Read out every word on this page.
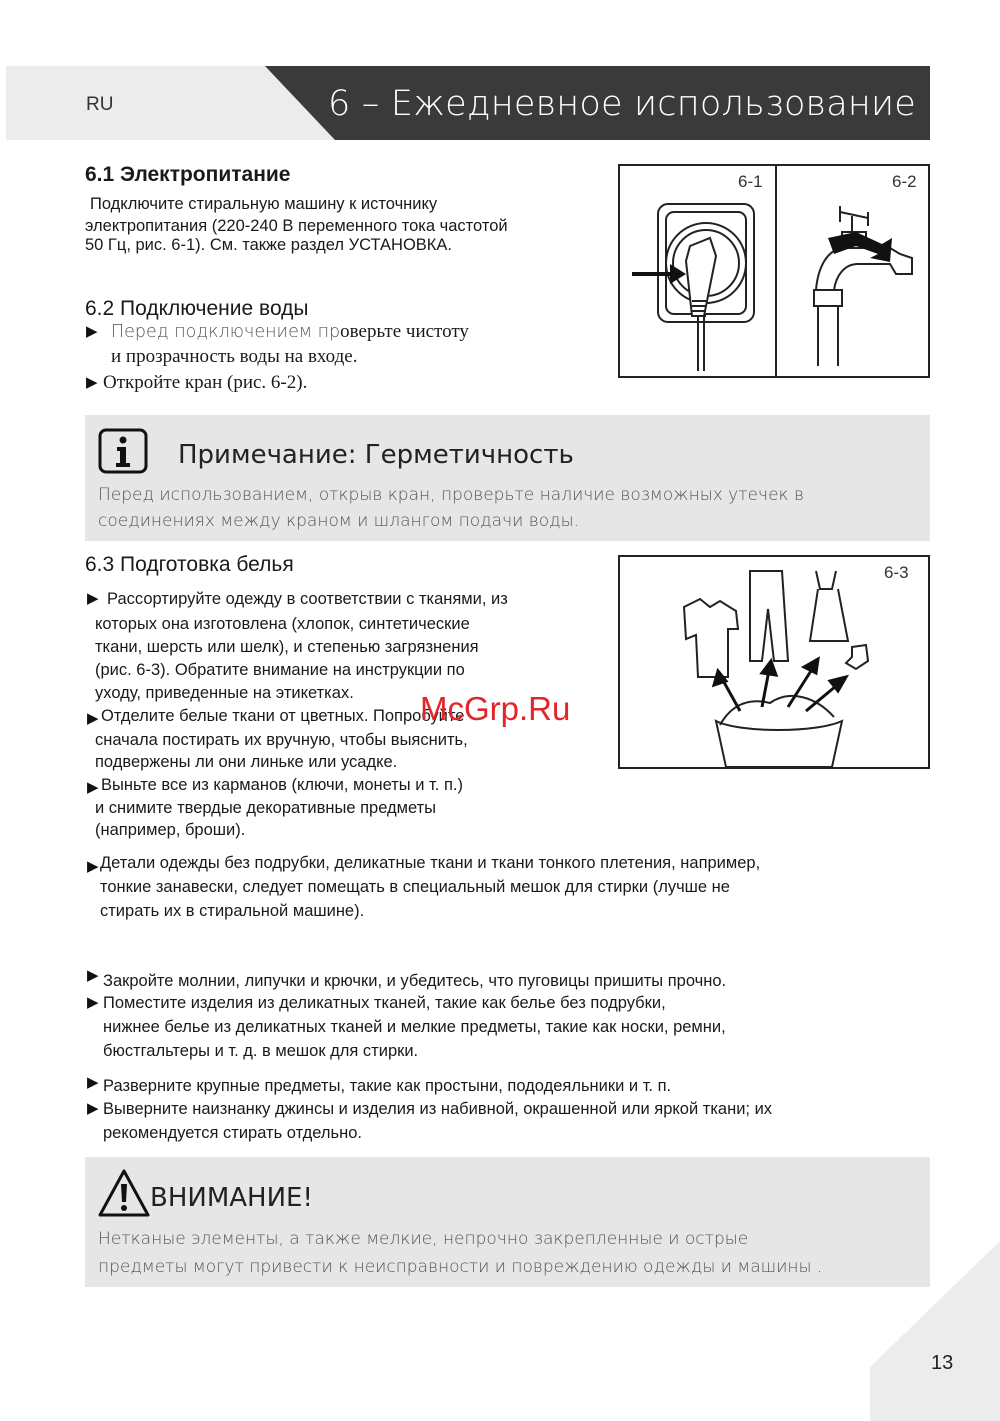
RU	6 – Ежедневное использование
6.1 Электропитание
Подключите стиральную машину к источнику
электропитания (220-240 В переменного тока частотой
50 Гц, рис. 6-1). См. также раздел УСТАНОВКА.
6.2 Подключение воды
▶ Перед подключением проверьте чистоту
и прозрачность воды на входе.
▶ Откройте кран (рис. 6-2).
6-1	6-2
Примечание: Герметичность
Перед использованием, открыв кран, проверьте наличие возможных утечек в
соединениях между краном и шлангом подачи воды.
6.3 Подготовка белья
▶ Рассортируйте одежду в соответствии с тканями, из
которых она изготовлена (хлопок, синтетические
ткани, шерсть или шелк), и степенью загрязнения
(рис. 6-3). Обратите внимание на инструкции по
уходу, приведенные на этикетках.
▶ Отделите белые ткани от цветных. Попробуйте
сначала постирать их вручную, чтобы выяснить,
подвержены ли они линьке или усадке.
▶ Выньте все из карманов (ключи, монеты и т. п.)
и снимите твердые декоративные предметы
(например, броши).
6-3
McGrp.Ru
▶ Детали одежды без подрубки, деликатные ткани и ткани тонкого плетения, например,
тонкие занавески, следует помещать в специальный мешок для стирки (лучше не
стирать их в стиральной машине).
▶ Закройте молнии, липучки и крючки, и убедитесь, что пуговицы пришиты прочно.
▶ Поместите изделия из деликатных тканей, такие как белье без подрубки,
нижнее белье из деликатных тканей и мелкие предметы, такие как носки, ремни,
бюстгальтеры и т. д. в мешок для стирки.
▶ Разверните крупные предметы, такие как простыни, пододеяльники и т. п.
▶ Выверните наизнанку джинсы и изделия из набивной, окрашенной или яркой ткани; их
рекомендуется стирать отдельно.
ВНИМАНИЕ!
Нетканые элементы, а также мелкие, непрочно закрепленные и острые
предметы могут привести к неисправности и повреждению одежды и машины .
13
